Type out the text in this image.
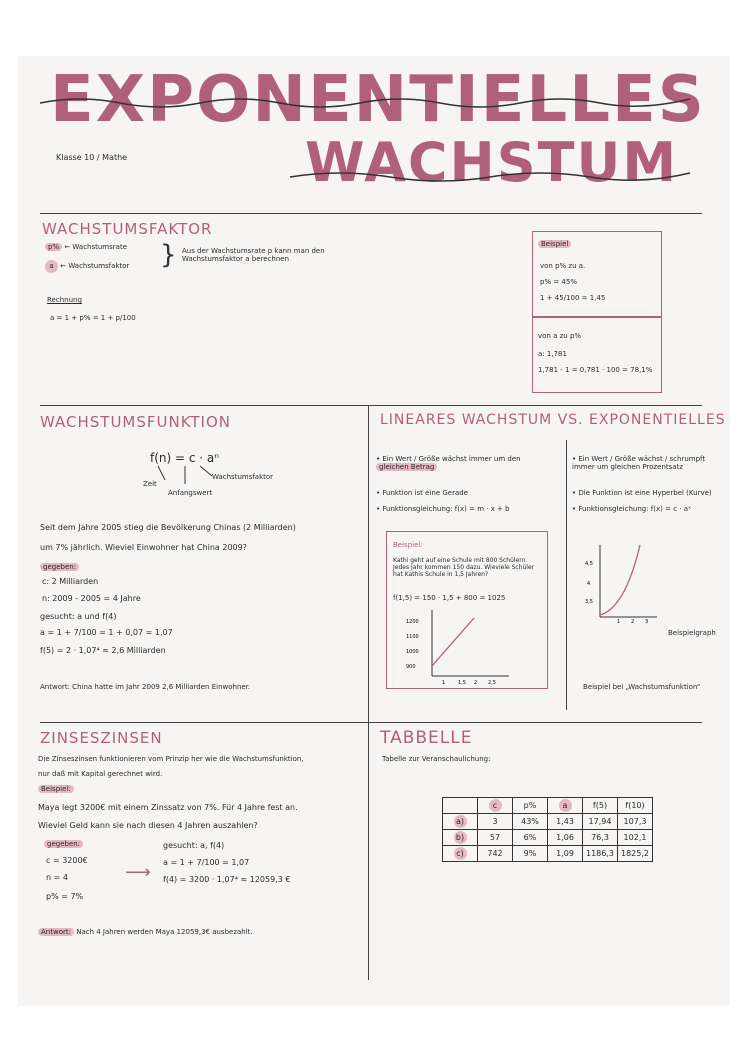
EXPONENTIELLES
WACHSTUM
Klasse 10 / Mathe
WACHSTUMSFAKTOR
p% ← Wachstumsrate
a ← Wachstumsfaktor } Aus der Wachstumsrate p kann man den Wachstumsfaktor a berechnen
Rechnung
a = 1 + p% = 1 + p/100
Beispiel
von p% zu a.
p% = 45%
1 + 45/100 = 1,45
von a zu p%
a: 1,781
1,781 - 1 = 0,781 · 100 = 78,1%
WACHSTUMSFUNKTION
f(n) = c · aⁿ
Wachstumsfaktor
Zeit
Anfangswert
Seit dem Jahre 2005 stieg die Bevölkerung Chinas (2 Milliarden)
um 7% jährlich. Wieviel Einwohner hat China 2009?
gegeben:
c: 2 Milliarden
n: 2009 - 2005 = 4 Jahre
gesucht: a und f(4)
a = 1 + 7/100 = 1 + 0,07 = 1,07
f(5) = 2 · 1,07⁴ ≈ 2,6 Milliarden
Antwort: China hatte im Jahr 2009 2,6 Milliarden Einwohner.
LINEARES WACHSTUM VS. EXPONENTIELLES
• Ein Wert / Größe wächst immer um den
gleichen Betrag
• Funktion ist eine Gerade
• Funktionsgleichung: f(x) = m · x + b
• Ein Wert / Größe wächst / schrumpft
immer um gleichen Prozentsatz
• Die Funktion ist eine Hyperbel (Kurve)
• Funktionsgleichung: f(x) = c · aˣ
Beispiel:
Kathi geht auf eine Schule mit 800 Schülern. Jedes Jahr kommen 150 dazu. Wieviele Schüler hat Kathis Schule in 1,5 Jahren?
f(1,5) = 150 · 1,5 + 800 = 1025
1200
1100
1000
900
1	1,5 2 2,5
4,5
4
3,5
1 2 3
Beispielgraph
Beispiel bei „Wachstumsfunktion“
ZINSESZINSEN
Die Zinseszinsen funktionieren vom Prinzip her wie die Wachstumsfunktion,
nur daß mit Kapital gerechnet wird.
Beispiel:
Maya legt 3200€ mit einem Zinssatz von 7%. Für 4 Jahre fest an.
Wieviel Geld kann sie nach diesen 4 Jahren auszahlen?
gegeben:
c = 3200€
n = 4
p% = 7%
⟶
gesucht: a, f(4)
a = 1 + 7/100 = 1,07
f(4) = 3200 · 1,07⁴ ≈ 12059,3 €
Antwort: Nach 4 Jahren werden Maya 12059,3€ ausbezahlt.
TABBELLE
Tabelle zur Veranschaulichung:
	c	p%	a	f(5)	f(10)
a)	3	43%	1,43	17,94	107,3
b)	57	6%	1,06	76,3	102,1
c)	742	9%	1,09	1186,3	1825,2
